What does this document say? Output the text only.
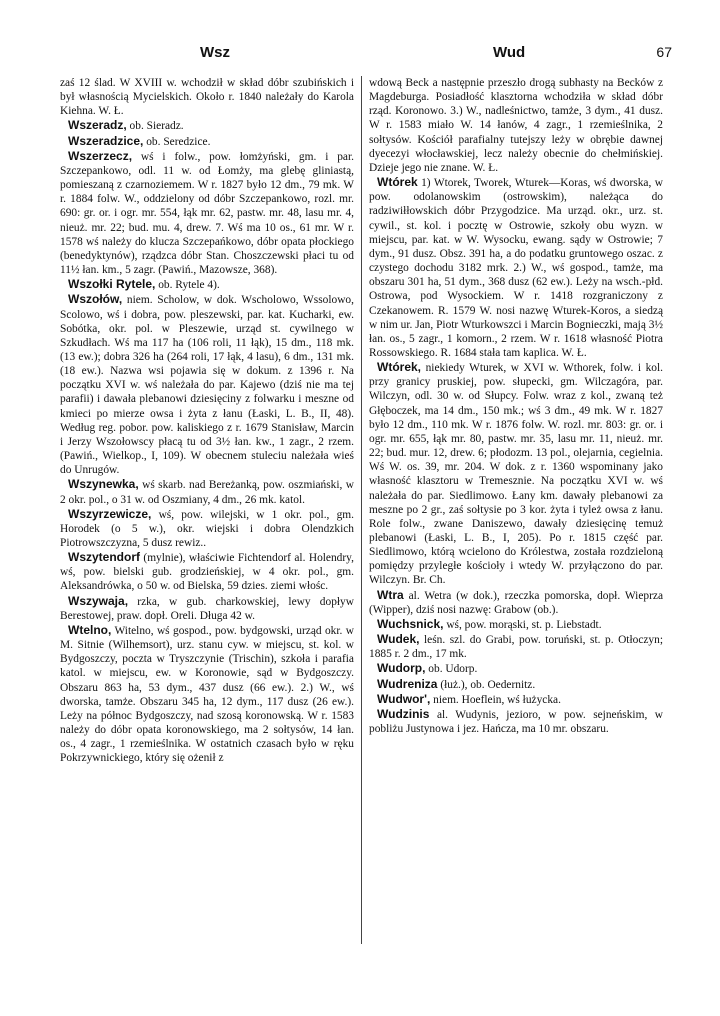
Wsz	Wud	67

zaś 12 ślad. W XVIII w. wchodził w skład dóbr szubińskich i był własnością Mycielskich. Około r. 1840 należały do Karola Kiehna. W. Ł.

Wszeradz, ob. Sieradz.

Wszeradzice, ob. Seredzice.

Wszerzecz, wś i folw., pow. łomżyński, gm. i par. Szczepankowo, odl. 11 w. od Łomży, ma glebę gliniastą, pomieszaną z czarnoziemem. W r. 1827 było 12 dm., 79 mk. W r. 1884 folw. W., oddzielony od dóbr Szczepankowo, rozl. mr. 690: gr. or. i ogr. mr. 554, łąk mr. 62, pastw. mr. 48, lasu mr. 4, nieuż. mr. 22; bud. mu. 4, drew. 7. Wś ma 10 os., 61 mr. W r. 1578 wś należy do klucza Szczepańkowo, dóbr opata płockiego (benedyktynów), rządzca dóbr Stan. Choszczewski płaci tu od 11½ łan. km., 5 zagr. (Pawiń., Mazowsze, 368).

Wszołki Rytele, ob. Rytele 4).

Wszołów, niem. Scholow, w dok. Wscholowo, Wssolowo, Scolowo, wś i dobra, pow. pleszewski, par. kat. Kucharki, ew. Sobótka, okr. pol. w Pleszewie, urząd st. cywilnego w Szkudłach. Wś ma 117 ha (106 roli, 11 łąk), 15 dm., 118 mk. (13 ew.); dobra 326 ha (264 roli, 17 łąk, 4 lasu), 6 dm., 131 mk. (18 ew.). Nazwa wsi pojawia się w dokum. z 1396 r. Na początku XVI w. wś należała do par. Kajewo (dziś nie ma tej parafii) i dawała plebanowi dziesięciny z folwarku i meszne od kmieci po mierze owsa i żyta z łanu (Łaski, L. B., II, 48). Według reg. pobor. pow. kaliskiego z r. 1679 Stanisław, Marcin i Jerzy Wszołowscy płacą tu od 3½ łan. kw., 1 zagr., 2 rzem. (Pawiń., Wielkop., I, 109). W obecnem stuleciu należała wieś do Unrugów.

Wszynewka, wś skarb. nad Bereżanką, pow. oszmiański, w 2 okr. pol., o 31 w. od Oszmiany, 4 dm., 26 mk. katol.

Wszyrzewicze, wś, pow. wilejski, w 1 okr. pol., gm. Horodek (o 5 w.), okr. wiejski i dobra Olendzkich Piotrowszczyzna, 5 dusz rewiz..

Wszytendorf (mylnie), właściwie Fichtendorf al. Holendry, wś, pow. bielski gub. grodzieńskiej, w 4 okr. pol., gm. Aleksandrówka, o 50 w. od Bielska, 59 dzies. ziemi włośc.

Wszywaja, rzka, w gub. charkowskiej, lewy dopływ Berestowej, praw. dopł. Oreli. Długa 42 w.

Wtelno, Witelno, wś gospod., pow. bydgowski, urząd okr. w M. Sitnie (Wilhemsort), urz. stanu cyw. w miejscu, st. kol. w Bydgoszczy, poczta w Tryszczynie (Trischin), szkoła i parafia katol. w miejscu, ew. w Koronowie, sąd w Bydgoszczy. Obszaru 863 ha, 53 dym., 437 dusz (66 ew.). 2.) W., wś dworska, tamże. Obszaru 345 ha, 12 dym., 117 dusz (26 ew.). Leży na północ Bydgoszczy, nad szosą koronowską. W r. 1583 należy do dóbr opata koronowskiego, ma 2 sołtysów, 14 łan. os., 4 zagr., 1 rzemieślnika. W ostatnich czasach było w ręku Pokrzywnickiego, który się ożenił z

wdową Beck a następnie przeszło drogą subhasty na Becków z Magdeburga. Posiadłość klasztorna wchodziła w skład dóbr rząd. Koronowo. 3.) W., nadleśnictwo, tamże, 3 dym., 41 dusz. W r. 1583 miało W. 14 łanów, 4 zagr., 1 rzemieślnika, 2 sołtysów. Kościół parafialny tutejszy leży w obrębie dawnej dyecezyi włocławskiej, lecz należy obecnie do chełmińskiej. Dzieje jego nie znane. W. Ł.

Wtórek 1) Wtorek, Tworek, Wturek—Koras, wś dworska, w pow. odolanowskim (ostrowskim), należąca do radziwiłłowskich dóbr Przygodzice. Ma urząd. okr., urz. st. cywil., st. kol. i pocztę w Ostrowie, szkoły obu wyzn. w miejscu, par. kat. w W. Wysocku, ewang. sądy w Ostrowie; 7 dym., 91 dusz. Obsz. 391 ha, a do podatku gruntowego oszac. z czystego dochodu 3182 mrk. 2.) W., wś gospod., tamże, ma obszaru 301 ha, 51 dym., 368 dusz (62 ew.). Leży na wsch.-płd. Ostrowa, pod Wysockiem. W r. 1418 rozgraniczony z Czekanowem. R. 1579 W. nosi nazwę Wturek-Koros, a siedzą w nim ur. Jan, Piotr Wturkowszci i Marcin Bognieczki, mają 3½ łan. os., 5 zagr., 1 komorn., 2 rzem. W r. 1618 własność Piotra Rossowskiego. R. 1684 stała tam kaplica. W. Ł.

Wtórek, niekiedy Wturek, w XVI w. Wthorek, folw. i kol. przy granicy pruskiej, pow. słupecki, gm. Wilczagóra, par. Wilczyn, odl. 30 w. od Słupcy. Folw. wraz z kol., zwaną też Głęboczek, ma 14 dm., 150 mk.; wś 3 dm., 49 mk. W r. 1827 było 12 dm., 110 mk. W r. 1876 folw. W. rozl. mr. 803: gr. or. i ogr. mr. 655, łąk mr. 80, pastw. mr. 35, lasu mr. 11, nieuż. mr. 22; bud. mur. 12, drew. 6; płodozm. 13 pol., olejarnia, cegielnia. Wś W. os. 39, mr. 204. W dok. z r. 1360 wspominany jako własność klasztoru w Tremesznie. Na początku XVI w. wś należała do par. Siedlimowo. Łany km. dawały plebanowi za meszne po 2 gr., zaś sołtysie po 3 kor. żyta i tyleż owsa z łanu. Role folw., zwane Daniszewo, dawały dziesięcinę temuż plebanowi (Łaski, L. B., I, 205). Po r. 1815 część par. Siedlimowo, którą wcielono do Królestwa, została rozdzieloną pomiędzy przyległe kościoły i wtedy W. przyłączono do par. Wilczyn. Br. Ch.

Wtra al. Wetra (w dok.), rzeczka pomorska, dopł. Wieprza (Wipper), dziś nosi nazwę: Grabow (ob.).

Wuchsnick, wś, pow. morąski, st. p. Liebstadt.

Wudek, leśn. szl. do Grabi, pow. toruński, st. p. Otłoczyn; 1885 r. 2 dm., 17 mk.

Wudorp, ob. Udorp.

Wudreniza (łuż.), ob. Oedernitz.

Wudwor', niem. Hoeflein, wś łużycka.

Wudzinis al. Wudynis, jezioro, w pow. sejneńskim, w pobliżu Justynowa i jez. Hańcza, ma 10 mr. obszaru.
